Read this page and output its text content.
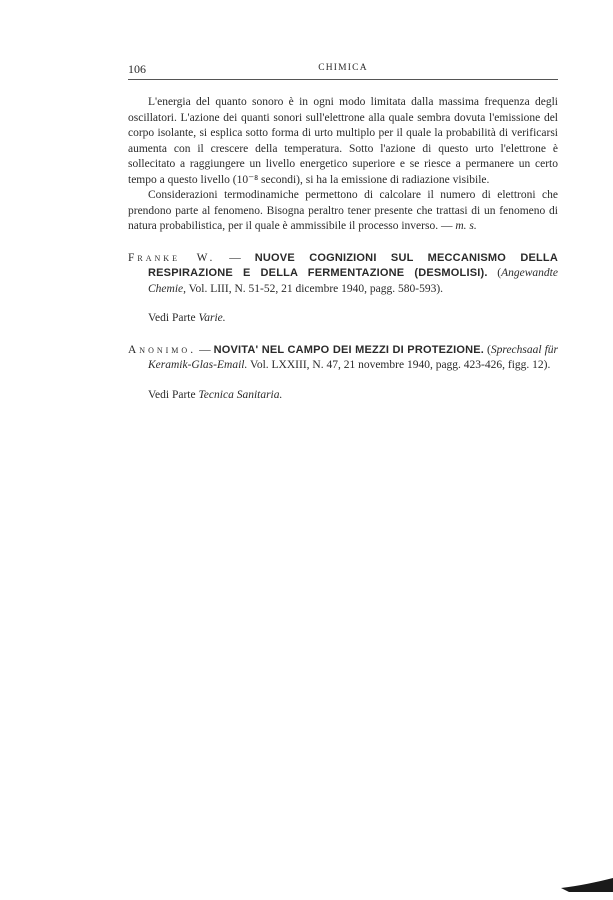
106	CHIMICA

L'energia del quanto sonoro è in ogni modo limitata dalla massima frequenza degli oscillatori. L'azione dei quanti sonori sull'elettrone alla quale sembra dovuta l'emissione del corpo isolante, si esplica sotto forma di urto multiplo per il quale la probabilità di verificarsi aumenta con il crescere della temperatura. Sotto l'azione di questo urto l'elettrone è sollecitato a raggiungere un livello energetico superiore e se riesce a permanere un certo tempo a questo livello (10⁻⁸ secondi), si ha la emissione di radiazione visibile.

Considerazioni termodinamiche permettono di calcolare il numero di elettroni che prendono parte al fenomeno. Bisogna peraltro tener presente che trattasi di un fenomeno di natura probabilistica, per il quale è ammissibile il processo inverso. — m. s.

Franke W. — NUOVE COGNIZIONI SUL MECCANISMO DELLA RESPIRAZIONE E DELLA FERMENTAZIONE (DESMOLISI). (Angewandte Chemie, Vol. LIII, N. 51-52, 21 dicembre 1940, pagg. 580-593).

Vedi Parte Varie.

Anonimo. — NOVITA' NEL CAMPO DEI MEZZI DI PROTEZIONE. (Sprechsaal für Keramik-Glas-Email. Vol. LXXIII, N. 47, 21 novembre 1940, pagg. 423-426, figg. 12).

Vedi Parte Tecnica Sanitaria.
